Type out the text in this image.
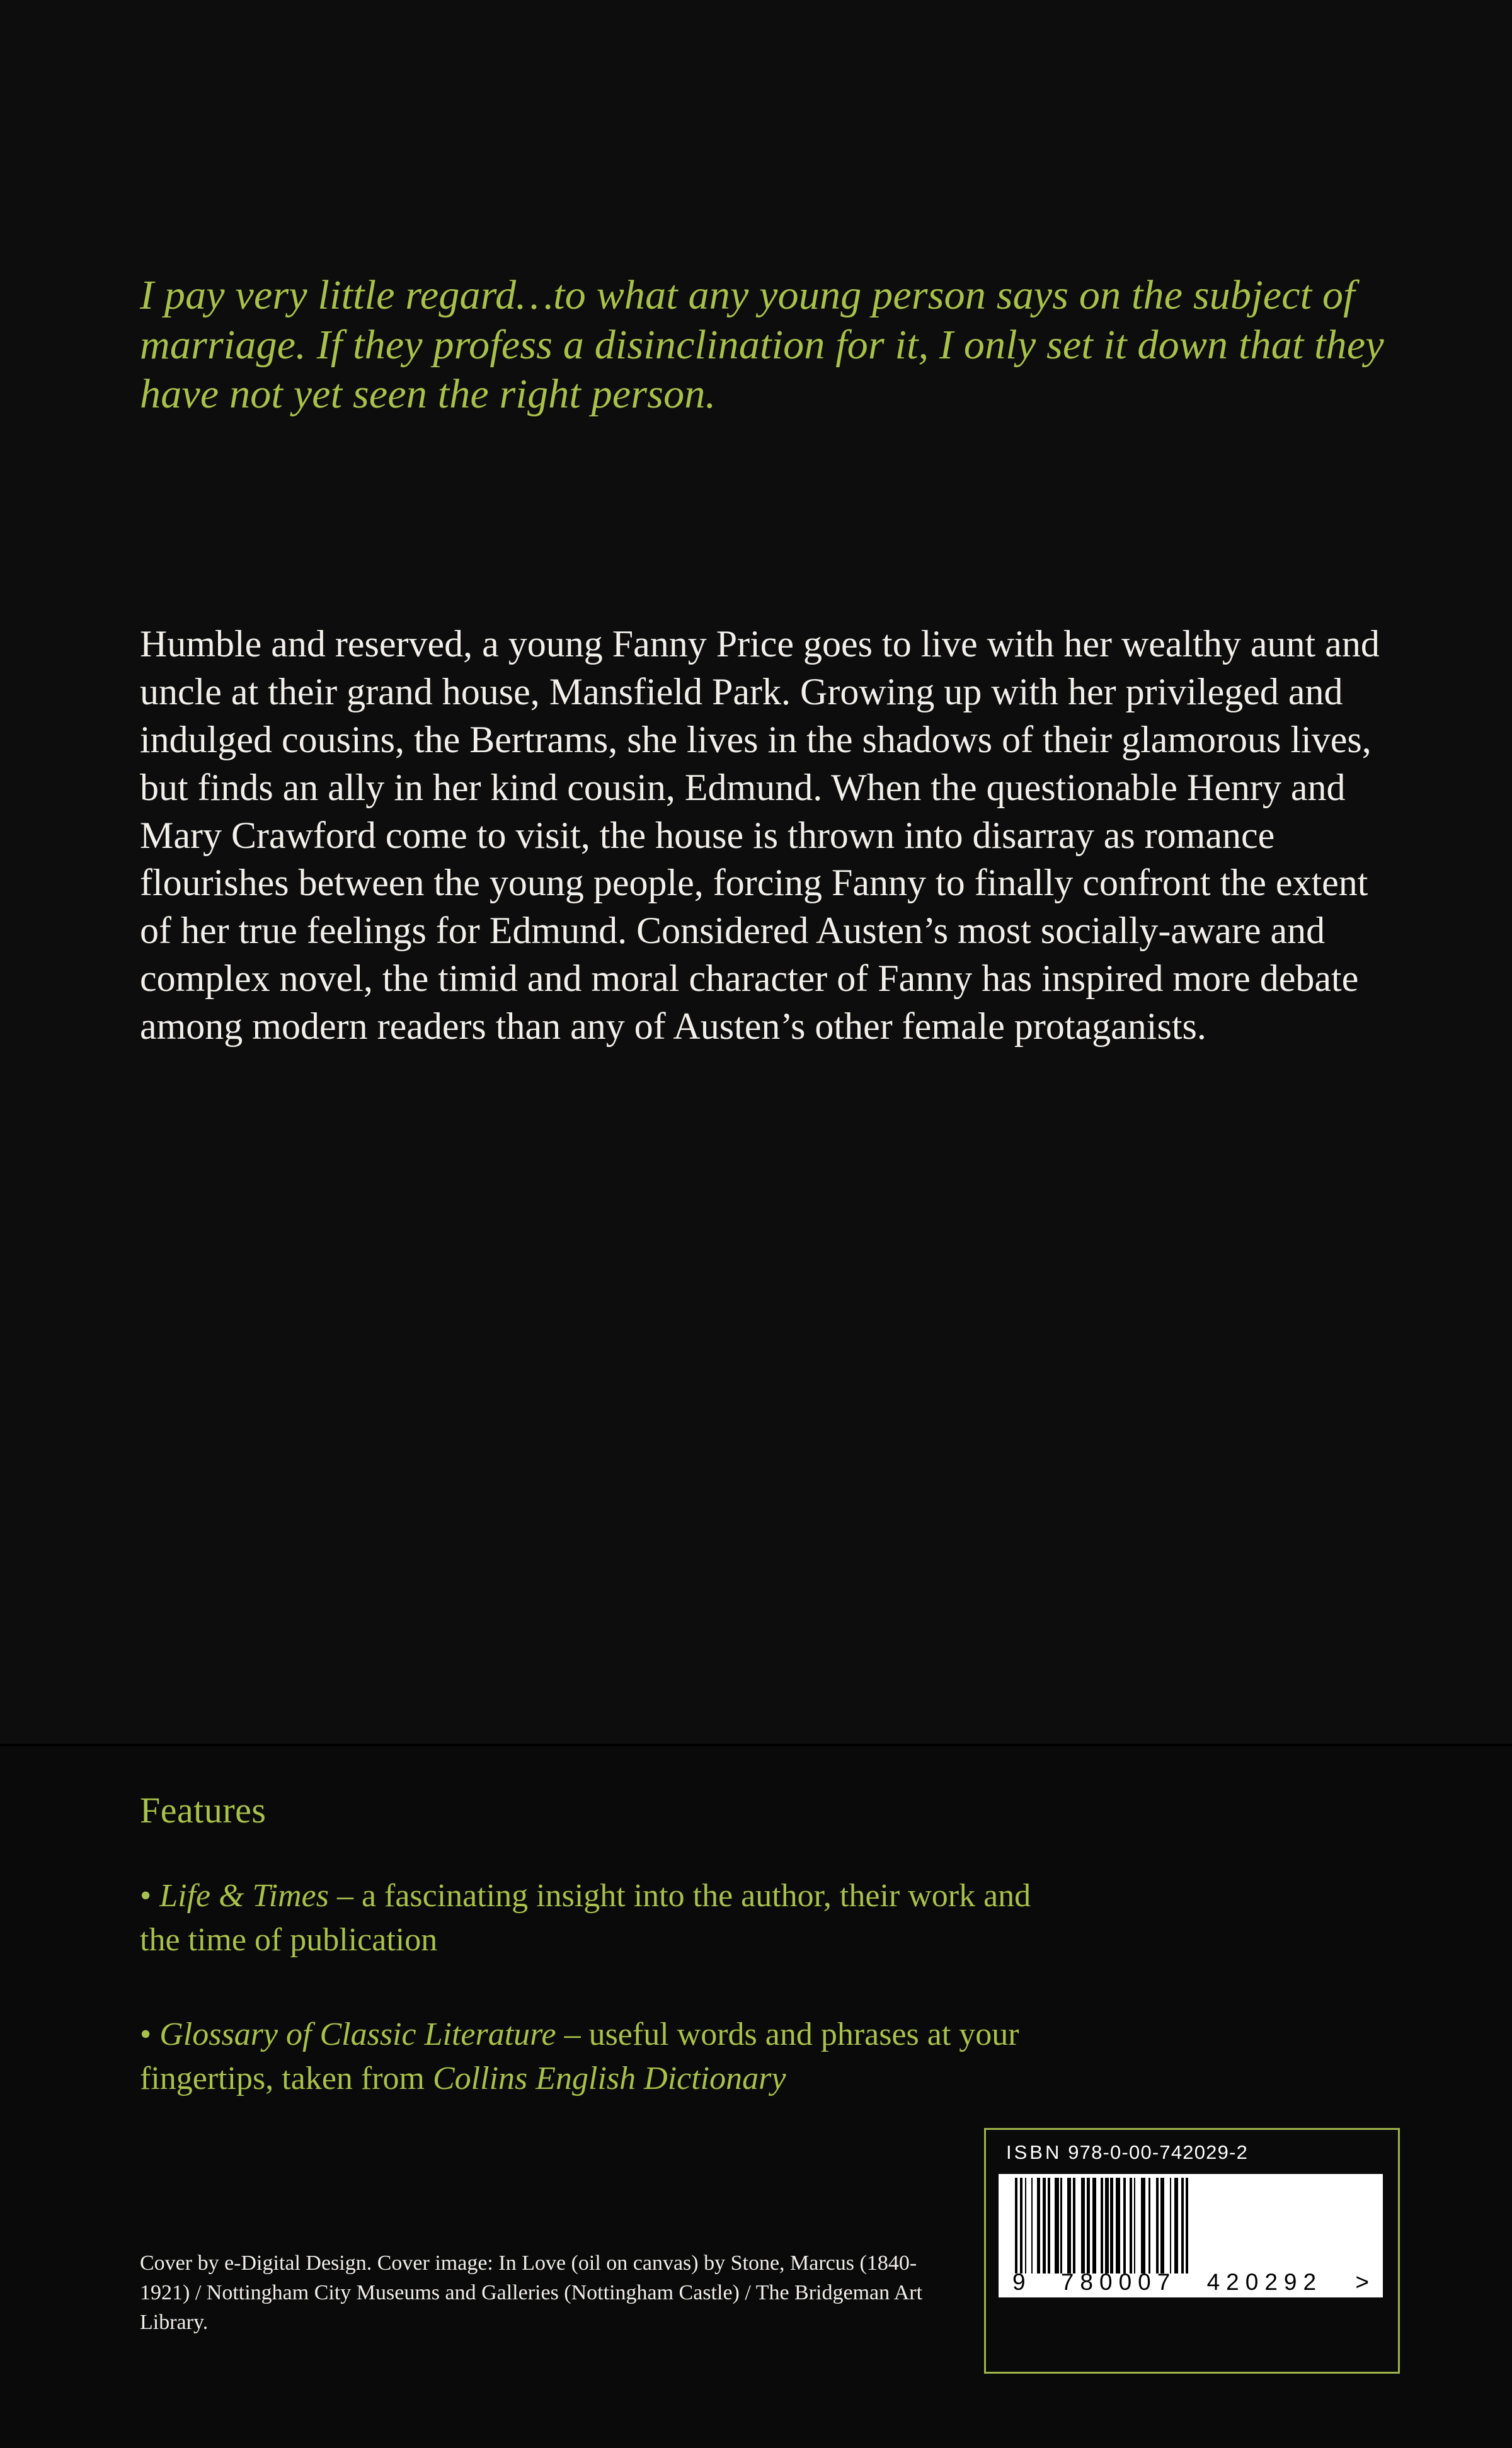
I pay very little regard…to what any young person says on the subject of marriage. If they profess a disinclination for it, I only set it down that they have not yet seen the right person.
Humble and reserved, a young Fanny Price goes to live with her wealthy aunt and uncle at their grand house, Mansfield Park. Growing up with her privileged and indulged cousins, the Bertrams, she lives in the shadows of their glamorous lives, but finds an ally in her kind cousin, Edmund. When the questionable Henry and Mary Crawford come to visit, the house is thrown into disarray as romance flourishes between the young people, forcing Fanny to finally confront the extent of her true feelings for Edmund. Considered Austen’s most socially-aware and complex novel, the timid and moral character of Fanny has inspired more debate among modern readers than any of Austen’s other female protaganists.
Features
• Life & Times – a fascinating insight into the author, their work and the time of publication
• Glossary of Classic Literature – useful words and phrases at your fingertips, taken from Collins English Dictionary
Cover by e-Digital Design. Cover image: In Love (oil on canvas) by Stone, Marcus (1840-1921) / Nottingham City Museums and Galleries (Nottingham Castle) / The Bridgeman Art Library.
ISBN 978-0-00-742029-2
9 780007 420292 >
